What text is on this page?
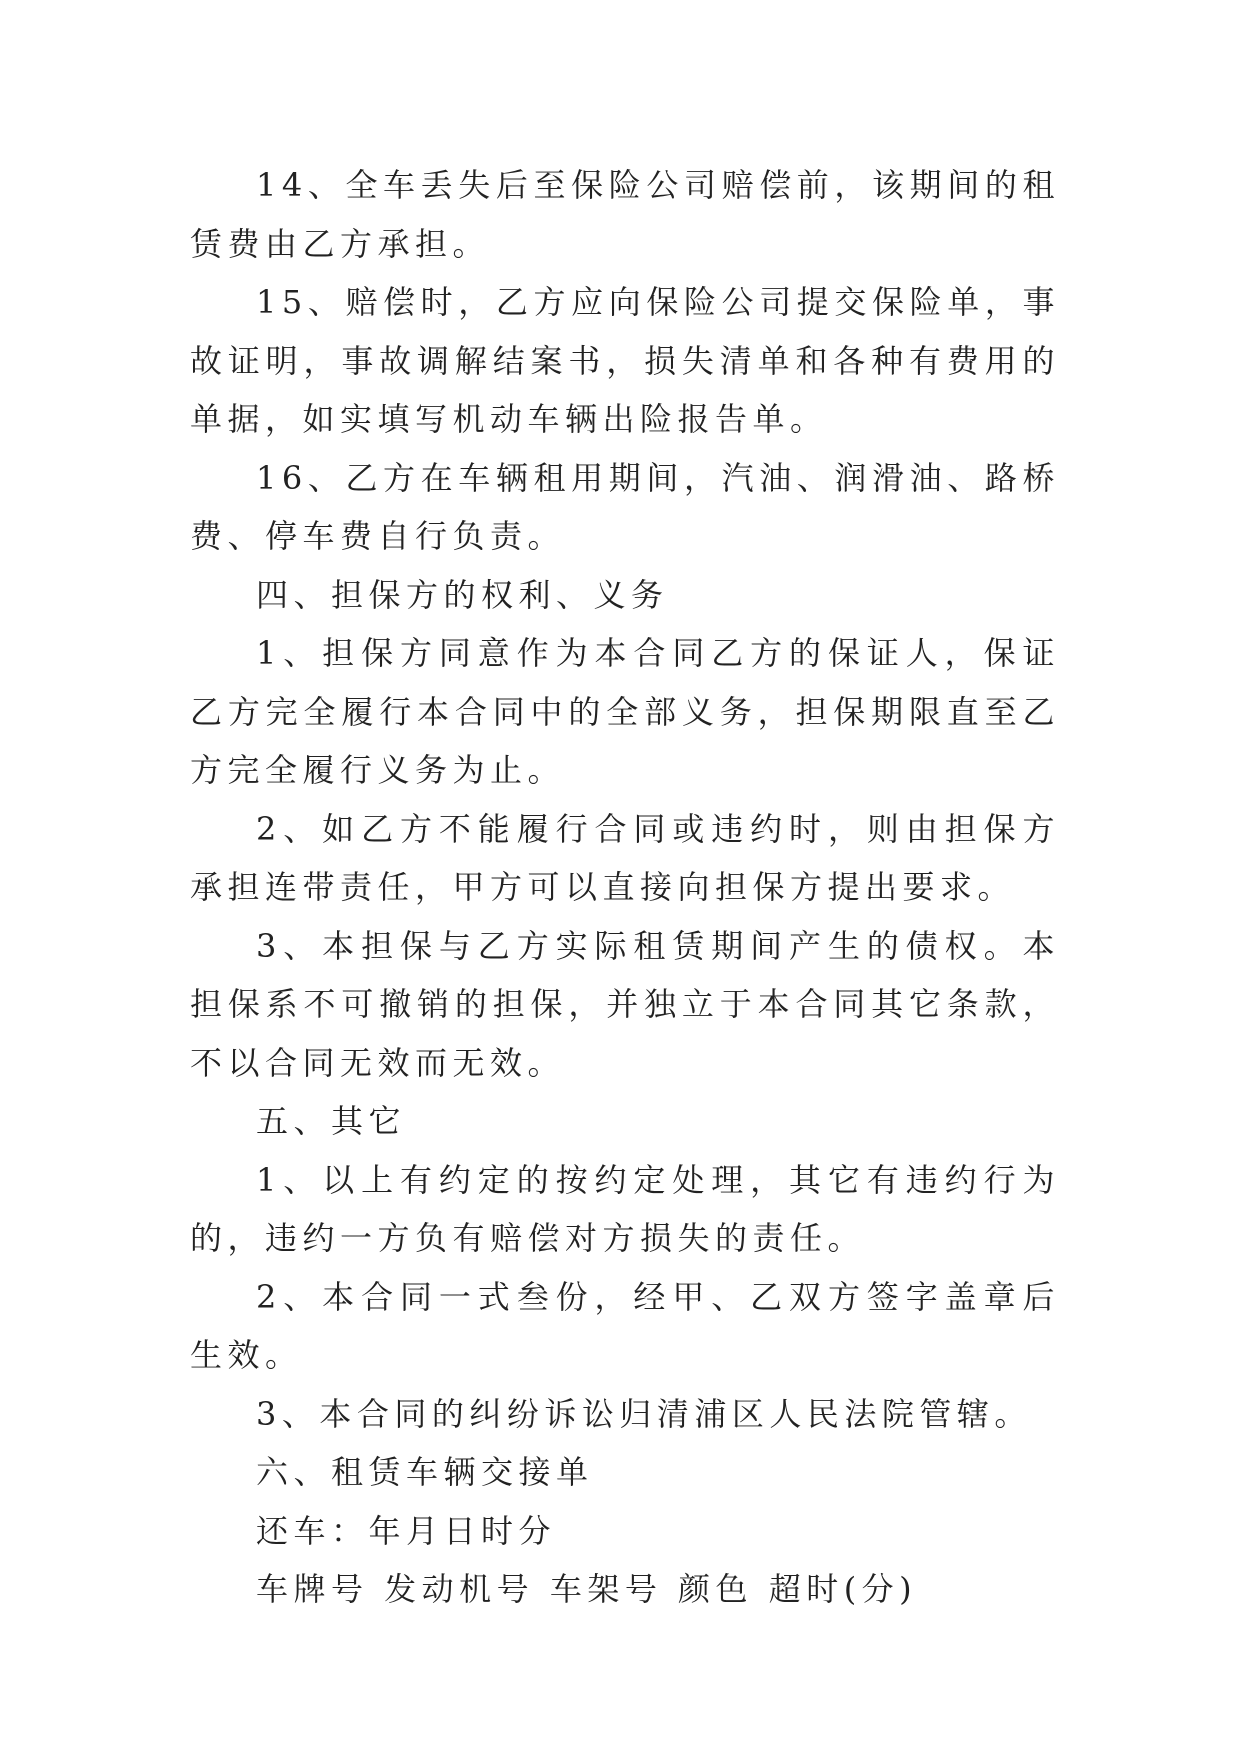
14、全车丢失后至保险公司赔偿前，该期间的租赁费由乙方承担。

15、赔偿时，乙方应向保险公司提交保险单，事故证明，事故调解结案书，损失清单和各种有费用的单据，如实填写机动车辆出险报告单。

16、乙方在车辆租用期间，汽油、润滑油、路桥费、停车费自行负责。

四、担保方的权利、义务

1、担保方同意作为本合同乙方的保证人，保证乙方完全履行本合同中的全部义务，担保期限直至乙方完全履行义务为止。

2、如乙方不能履行合同或违约时，则由担保方承担连带责任，甲方可以直接向担保方提出要求。

3、本担保与乙方实际租赁期间产生的债权。本担保系不可撤销的担保，并独立于本合同其它条款，不以合同无效而无效。

五、其它

1、以上有约定的按约定处理，其它有违约行为的，违约一方负有赔偿对方损失的责任。

2、本合同一式叁份，经甲、乙双方签字盖章后生效。

3、本合同的纠纷诉讼归清浦区人民法院管辖。

六、租赁车辆交接单

还车：年月日时分

车牌号 发动机号 车架号 颜色 超时(分)
